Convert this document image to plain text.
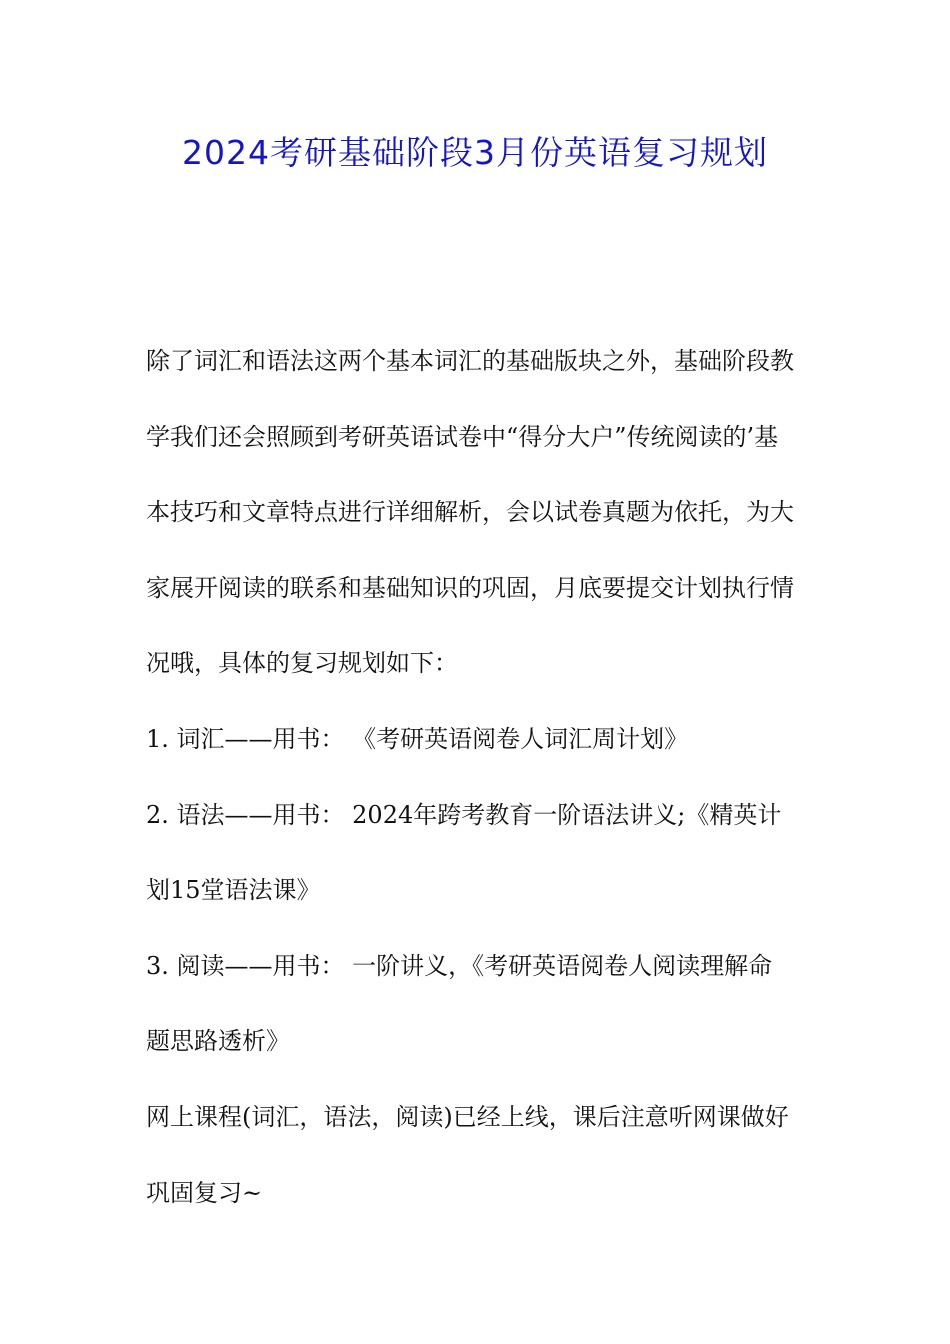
2024考研基础阶段3月份英语复习规划
除了词汇和语法这两个基本词汇的基础版块之外，基础阶段教
学我们还会照顾到考研英语试卷中“得分大户”传统阅读的’基
本技巧和文章特点进行详细解析，会以试卷真题为依托，为大
家展开阅读的联系和基础知识的巩固，月底要提交计划执行情
况哦，具体的复习规划如下：
1. 词汇——用书： 《考研英语阅卷人词汇周计划》
2. 语法——用书： 2024年跨考教育一阶语法讲义;《精英计
划15堂语法课》
3. 阅读——用书： 一阶讲义，《考研英语阅卷人阅读理解命
题思路透析》
网上课程(词汇，语法，阅读)已经上线，课后注意听网课做好
巩固复习~
